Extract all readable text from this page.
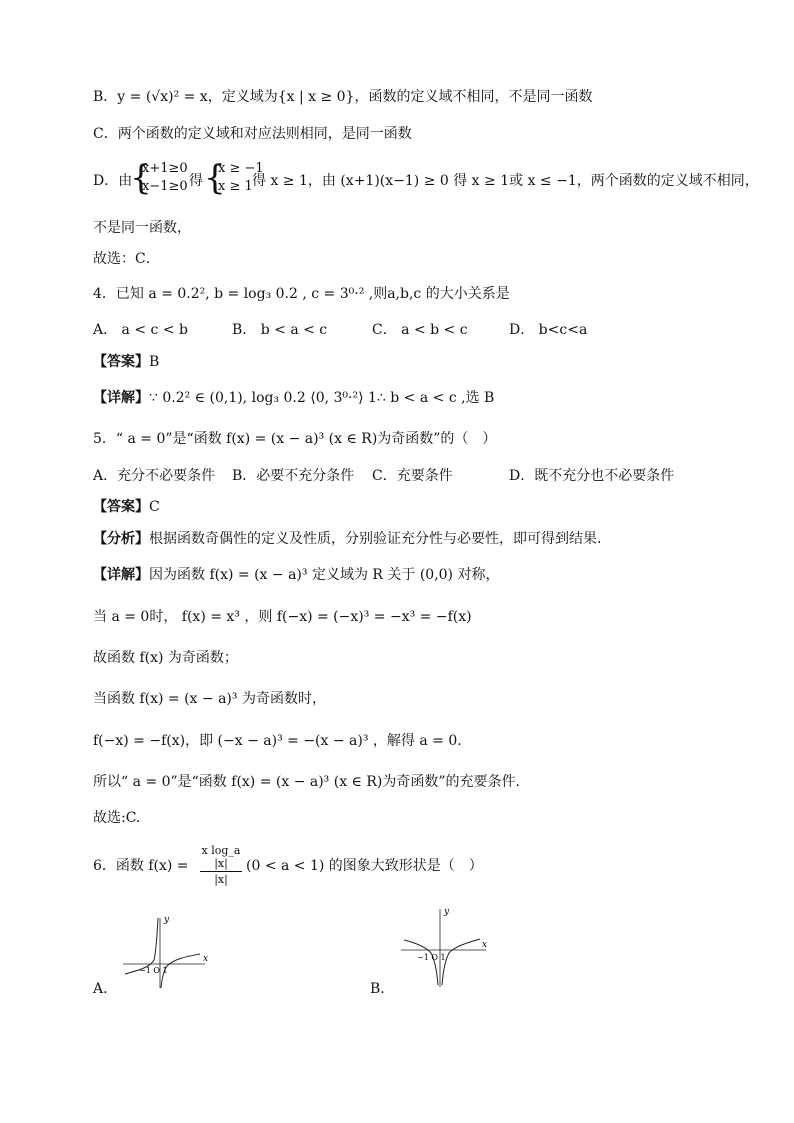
B．y = (√x)² = x，定义域为{x | x ≥ 0}，函数的定义域不相同，不是同一函数
C．两个函数的定义域和对应法则相同，是同一函数
D．由
{
x+1≥0
x−1≥0 得 {
x ≥ −1
x ≥ 1 得 x ≥ 1，由 (x+1)(x−1) ≥ 0 得 x ≥ 1或 x ≤ −1，两个函数的定义域不相同，
不是同一函数，
故选：C．
4．已知 a = 0.2², b = log₃ 0.2 , c = 3⁰·² ,则a,b,c 的大小关系是
A． a < c < b	B． b < a < c	C． a < b < c	D． b<c<a
【答案】B
【详解】∵ 0.2² ∈ (0,1), log₃ 0.2 ⟨0, 3⁰·²⟩ 1∴ b < a < c ,选 B
5．“ a = 0”是“函数 f(x) = (x − a)³ (x ∈ R)为奇函数”的（　）
A．充分不必要条件 B．必要不充分条件 C．充要条件	D．既不充分也不必要条件
【答案】C
【分析】根据函数奇偶性的定义及性质，分别验证充分性与必要性，即可得到结果.
【详解】因为函数 f(x) = (x − a)³ 定义域为 R 关于 (0,0) 对称，
当 a = 0时， f(x) = x³ ，则 f(−x) = (−x)³ = −x³ = −f(x)
故函数 f(x) 为奇函数；
当函数 f(x) = (x − a)³ 为奇函数时，
f(−x) = −f(x)，即 (−x − a)³ = −(x − a)³ ，解得 a = 0.
所以“ a = 0”是“函数 f(x) = (x − a)³ (x ∈ R)为奇函数”的充要条件.
故选:C.
6．函数 f(x) =
x log_a |x|
|x|
(0 < a < 1) 的图象大致形状是（　）
A．
y
x
−1 O 1
B．
y
x
−1 O 1
